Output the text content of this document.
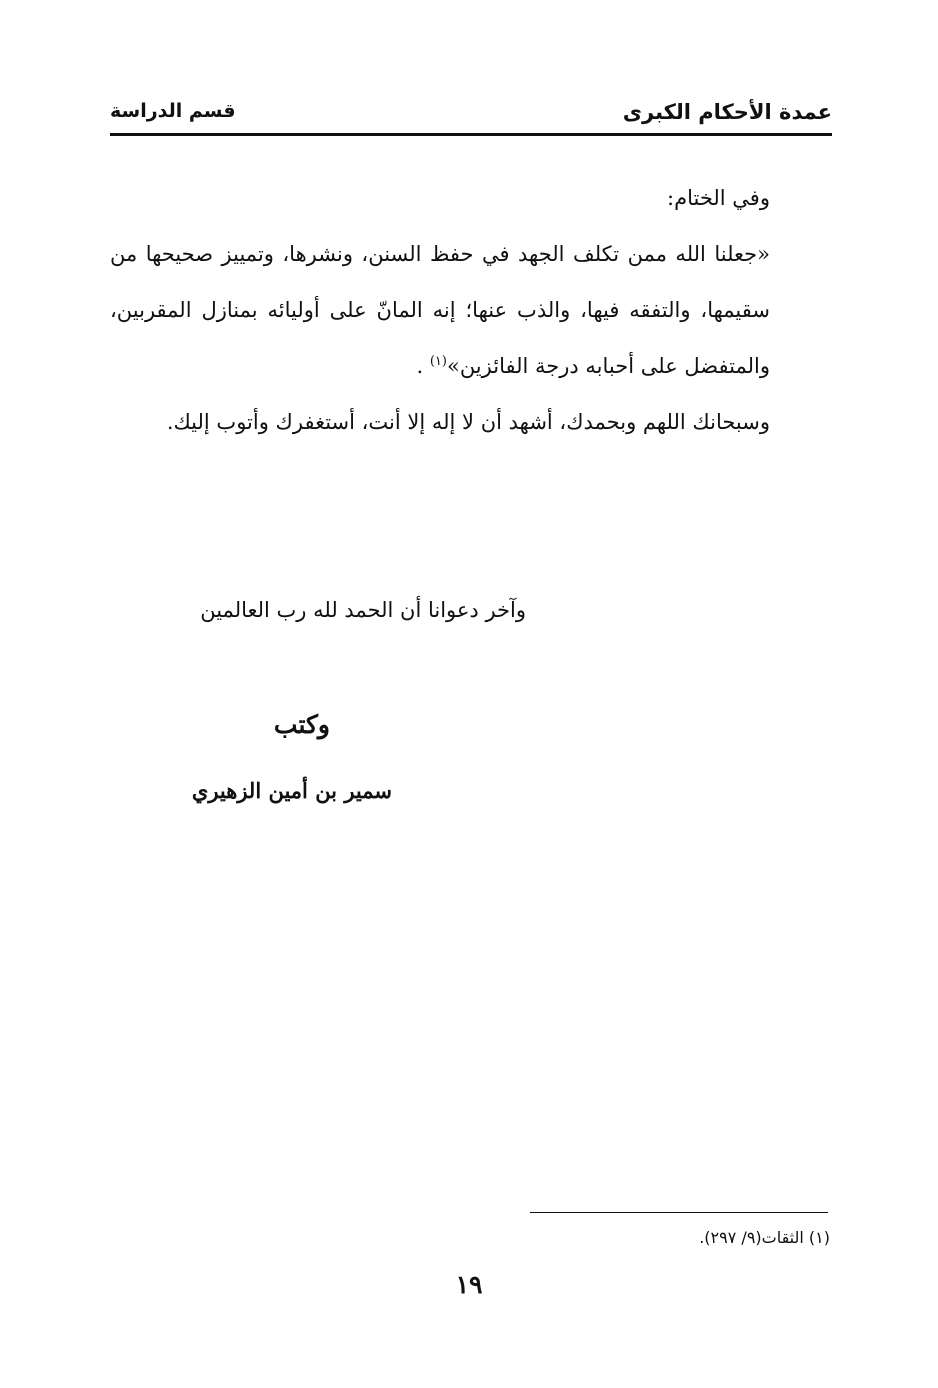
عمدة الأحكام الكبرى
قسم الدراسة

وفي الختام:

«جعلنا الله ممن تكلف الجهد في حفظ السنن، ونشرها، وتمييز صحيحها من سقيمها، والتفقه فيها، والذب عنها؛ إنه المانّ على أوليائه بمنازل المقربين، والمتفضل على أحبابه درجة الفائزين»$^{(١)}$ .

وسبحانك اللهم وبحمدك، أشهد أن لا إله إلا أنت، أستغفرك وأتوب إليك.

وآخر دعوانا أن الحمد لله رب العالمين
وكتب
سمير بن أمين الزهيري
(١) الثقات(٩/ ٢٩٧).
١٩
